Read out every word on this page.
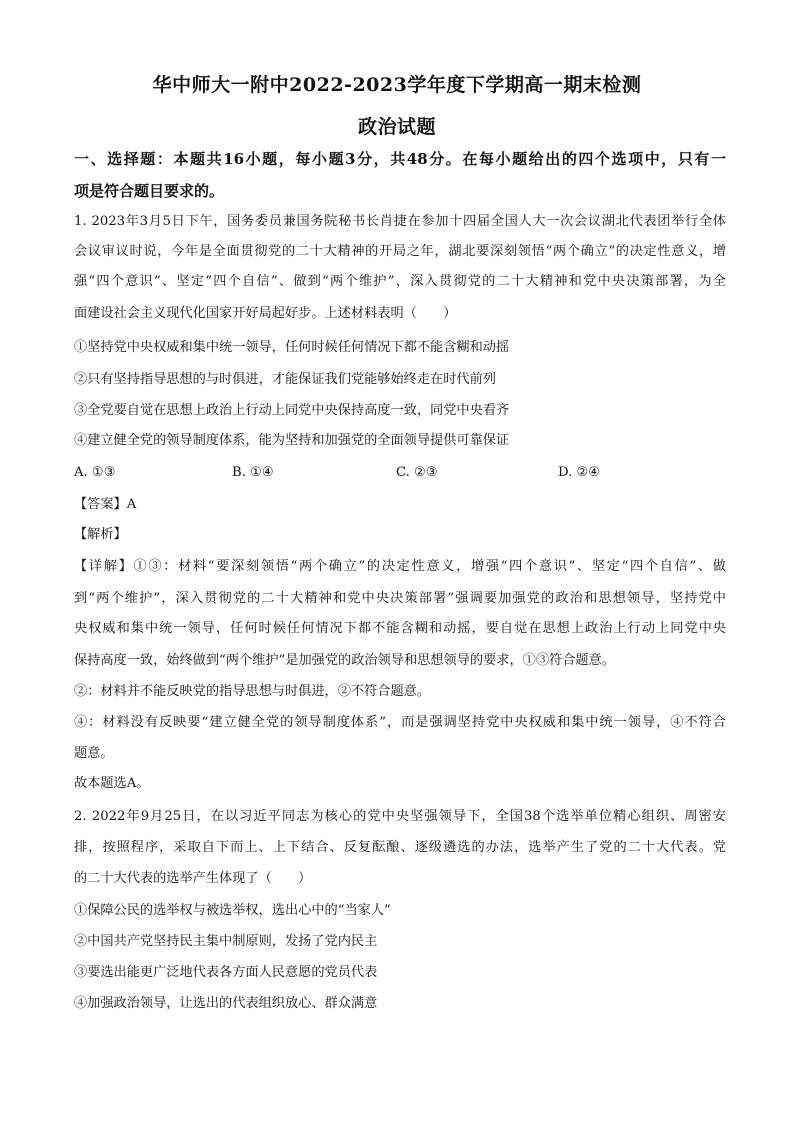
华中师大一附中2022-2023学年度下学期高一期末检测
政治试题
一、选择题：本题共16小题，每小题3分，共48分。在每小题给出的四个选项中，只有一
项是符合题目要求的。
1. 2023年3月5日下午，国务委员兼国务院秘书长肖捷在参加十四届全国人大一次会议湖北代表团举行全体
会议审议时说，今年是全面贯彻党的二十大精神的开局之年，湖北要深刻领悟“两个确立”的决定性意义，增
强“四个意识”、坚定“四个自信”、做到“两个维护”，深入贯彻党的二十大精神和党中央决策部署，为全
面建设社会主义现代化国家开好局起好步。上述材料表明（　　）
①坚持党中央权威和集中统一领导，任何时候任何情况下都不能含糊和动摇
②只有坚持指导思想的与时俱进，才能保证我们党能够始终走在时代前列
③全党要自觉在思想上政治上行动上同党中央保持高度一致，同党中央看齐
④建立健全党的领导制度体系，能为坚持和加强党的全面领导提供可靠保证
A. ①③	B. ①④	C. ②③	D. ②④
【答案】A
【解析】
【详解】①③：材料“要深刻领悟“两个确立”的决定性意义，增强“四个意识”、坚定“四个自信”、做
到“两个维护”，深入贯彻党的二十大精神和党中央决策部署”强调要加强党的政治和思想领导，坚持党中
央权威和集中统一领导，任何时候任何情况下都不能含糊和动摇，要自觉在思想上政治上行动上同党中央
保持高度一致，始终做到“两个维护”是加强党的政治领导和思想领导的要求，①③符合题意。
②：材料并不能反映党的指导思想与时俱进，②不符合题意。
④：材料没有反映要“建立健全党的领导制度体系”，而是强调坚持党中央权威和集中统一领导，④不符合
题意。
故本题选A。
2. 2022年9月25日，在以习近平同志为核心的党中央坚强领导下，全国38个选举单位精心组织、周密安
排，按照程序，采取自下而上、上下结合、反复酝酿、逐级遴选的办法，选举产生了党的二十大代表。党
的二十大代表的选举产生体现了（　　）
①保障公民的选举权与被选举权，选出心中的“当家人”
②中国共产党坚持民主集中制原则，发扬了党内民主
③要选出能更广泛地代表各方面人民意愿的党员代表
④加强政治领导，让选出的代表组织放心、群众满意
